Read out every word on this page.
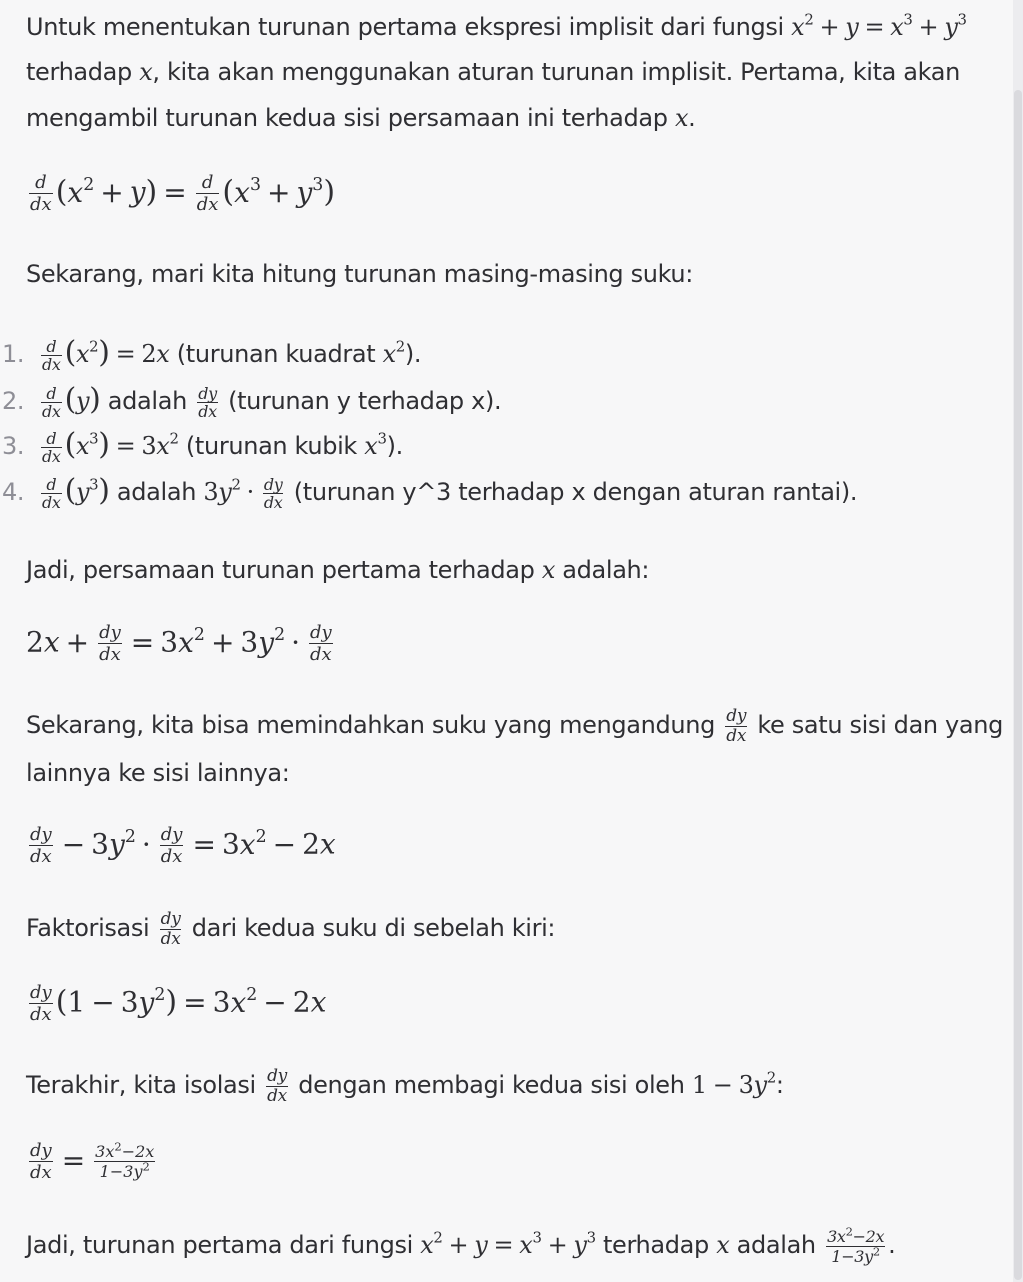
Untuk menentukan turunan pertama ekspresi implisit dari fungsi $x^2 + y = x^3 + y^3$
terhadap x, kita akan menggunakan aturan turunan implisit. Pertama, kita akan
mengambil turunan kedua sisi persamaan ini terhadap x.
$\frac{d}{dx} (x^2 + y) = \frac{d}{dx} (x^3 + y^3)$
Sekarang, mari kita hitung turunan masing-masing suku:
1. $\frac{d}{dx} (x^2) = 2x$ (turunan kuadrat $x^2$).
2. $\frac{d}{dx} (y)$ adalah $\frac{dy}{dx}$ (turunan y terhadap x).
3. $\frac{d}{dx} (x^3) = 3x^2$ (turunan kubik $x^3$).
4. $\frac{d}{dx} (y^3)$ adalah $3y^2 \cdot \frac{dy}{dx}$ (turunan y^3 terhadap x dengan aturan rantai).
Jadi, persamaan turunan pertama terhadap x adalah:
$2x + \frac{dy}{dx} = 3x^2 + 3y^2 \cdot \frac{dy}{dx}$
Sekarang, kita bisa memindahkan suku yang mengandung $\frac{dy}{dx}$ ke satu sisi dan yang
lainnya ke sisi lainnya:
$\frac{dy}{dx} - 3y^2 \cdot \frac{dy}{dx} = 3x^2 - 2x$
Faktorisasi $\frac{dy}{dx}$ dari kedua suku di sebelah kiri:
$\frac{dy}{dx} (1 - 3y^2) = 3x^2 - 2x$
Terakhir, kita isolasi $\frac{dy}{dx}$ dengan membagi kedua sisi oleh $1 - 3y^2$:
$\frac{dy}{dx} = \frac{3x^2-2x}{1-3y^2}$
Jadi, turunan pertama dari fungsi $x^2 + y = x^3 + y^3$ terhadap x adalah $\frac{3x^2-2x}{1-3y^2}$ .
